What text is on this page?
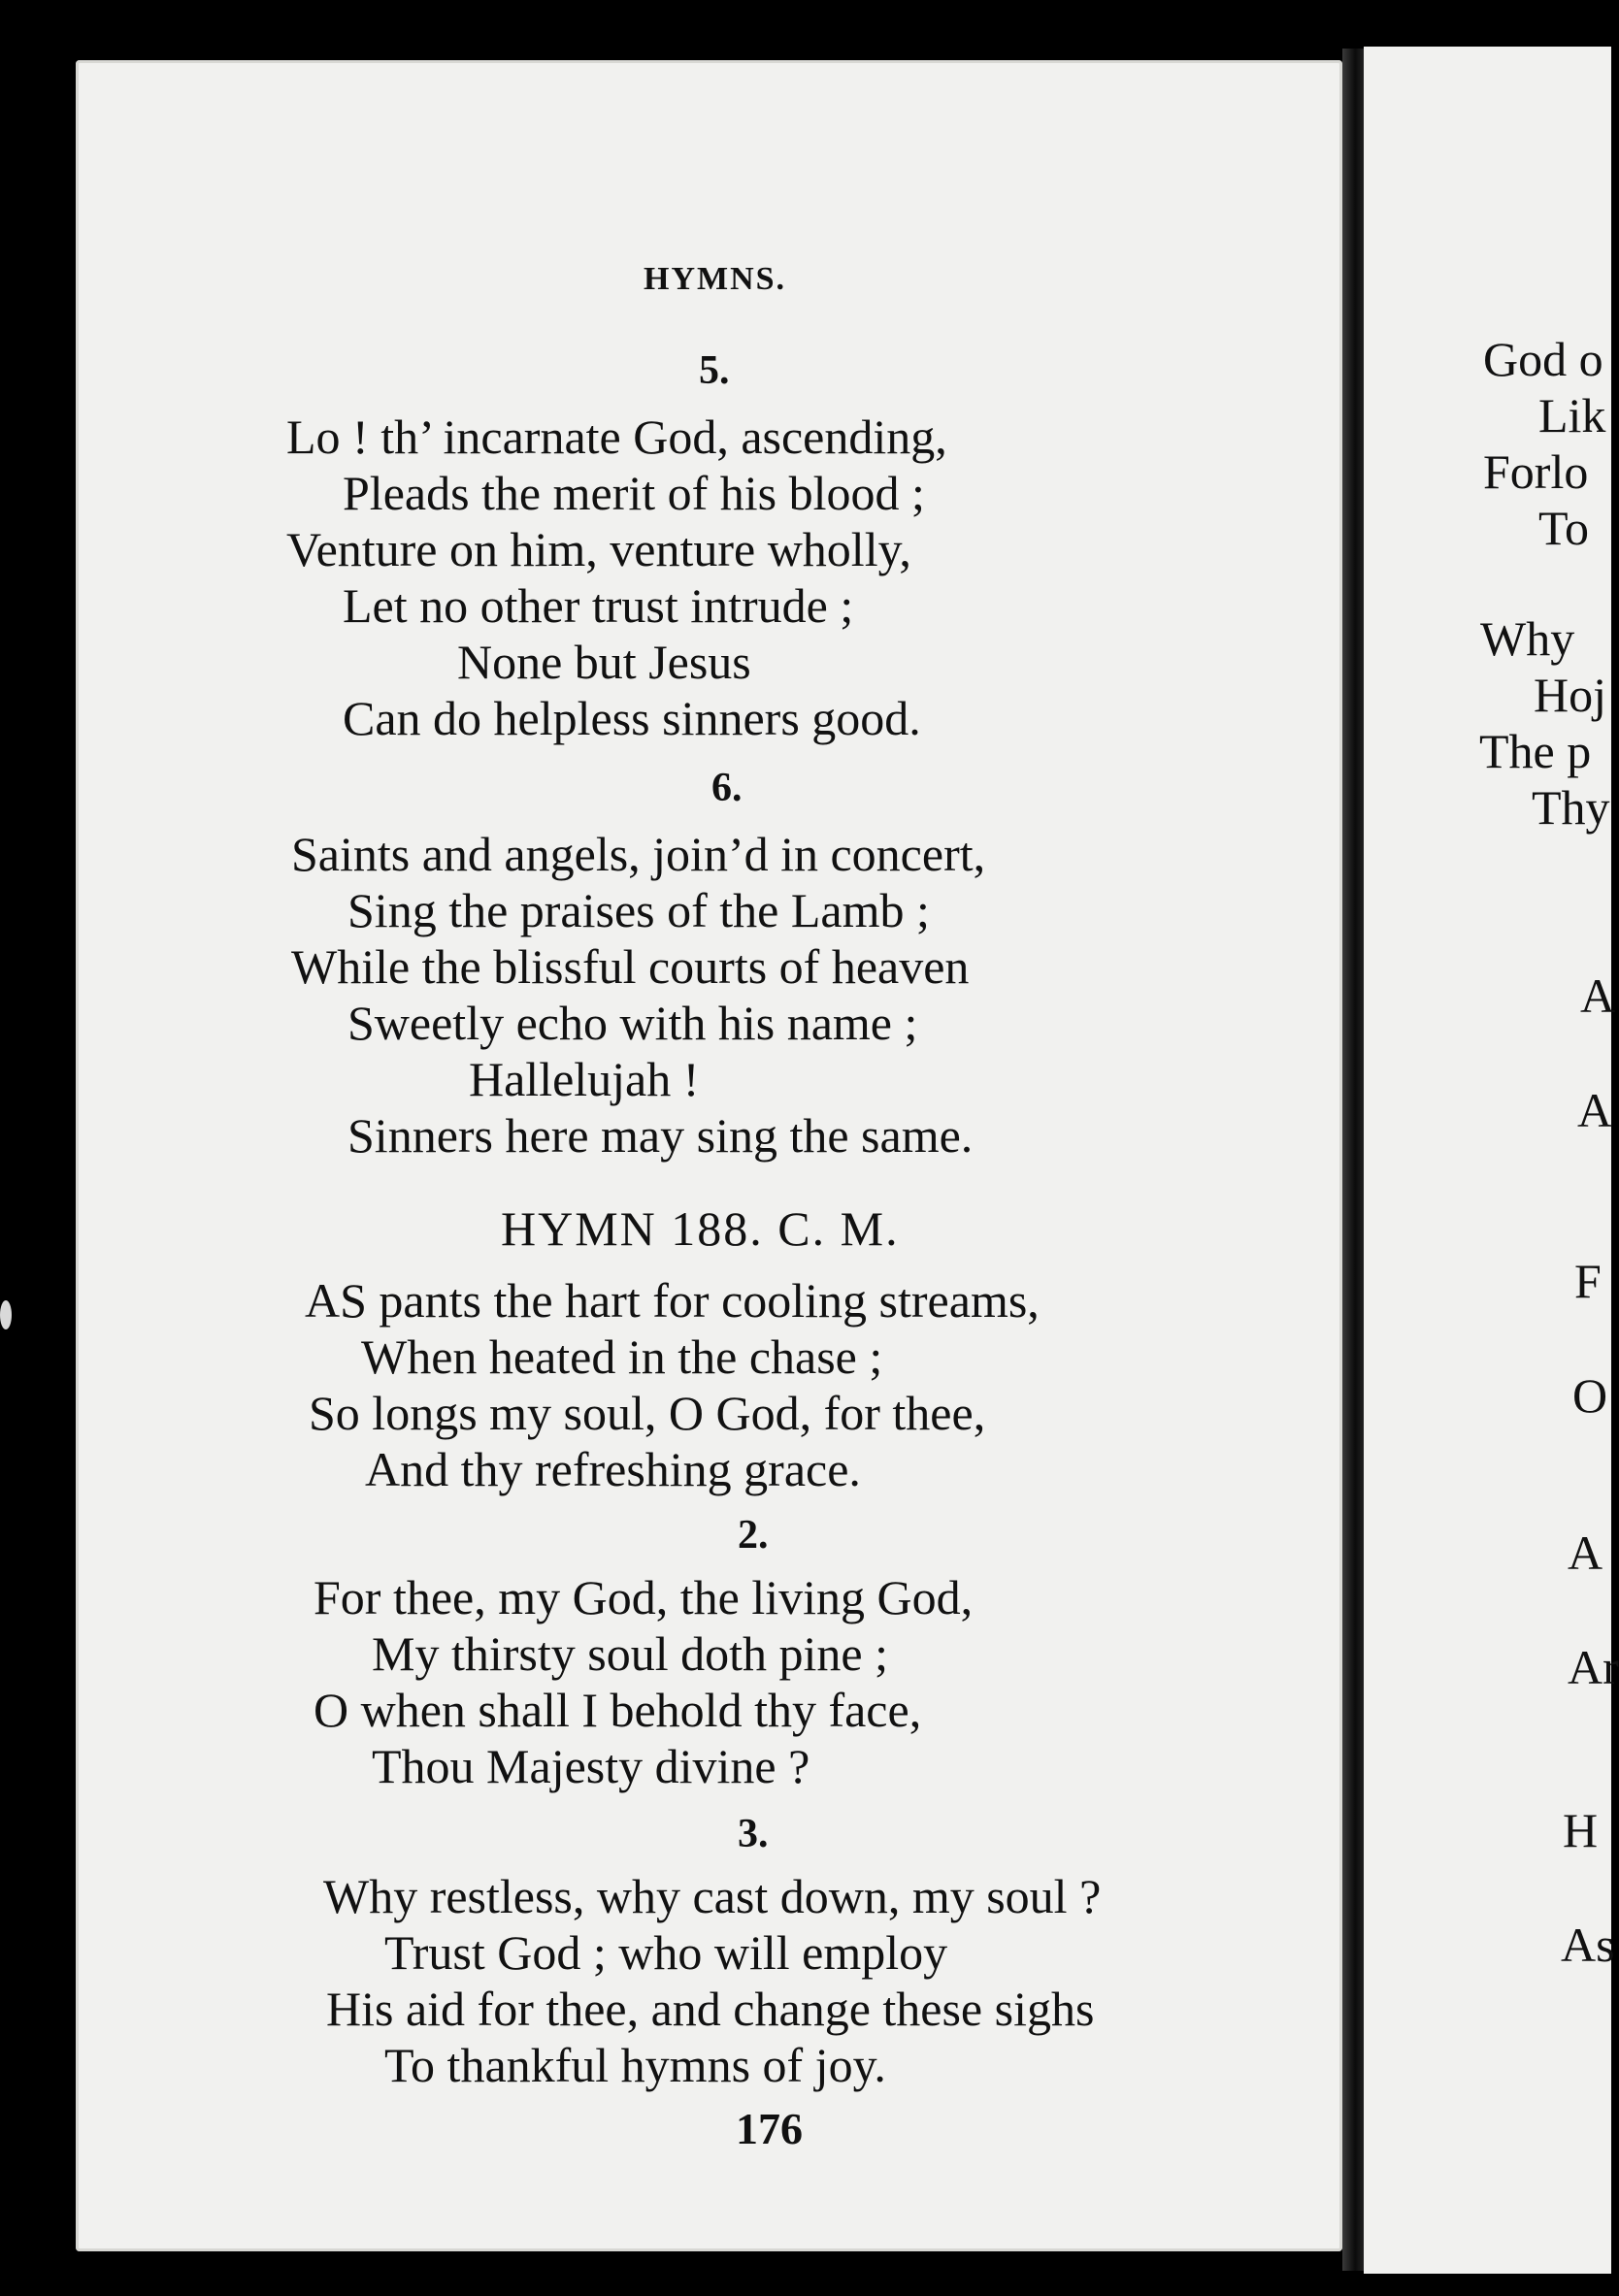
HYMNS.
5.
Lo ! th’ incarnate God, ascending,
Pleads the merit of his blood ;
Venture on him, venture wholly,
Let no other trust intrude ;
None but Jesus
Can do helpless sinners good.
6.
Saints and angels, join’d in concert,
Sing the praises of the Lamb ;
While the blissful courts of heaven
Sweetly echo with his name ;
Hallelujah !
Sinners here may sing the same.
HYMN 188. C. M.
AS pants the hart for cooling streams,
When heated in the chase ;
So longs my soul, O God, for thee,
And thy refreshing grace.
2.
For thee, my God, the living God,
My thirsty soul doth pine ;
O when shall I behold thy face,
Thou Majesty divine ?
3.
Why restless, why cast down, my soul ?
Trust God ; who will employ
His aid for thee, and change these sighs
To thankful hymns of joy.
176
God o
Lik
Forlo
To
Why
Hoj
The p
Thy
A
A
F
O
A
Ar
H
As
